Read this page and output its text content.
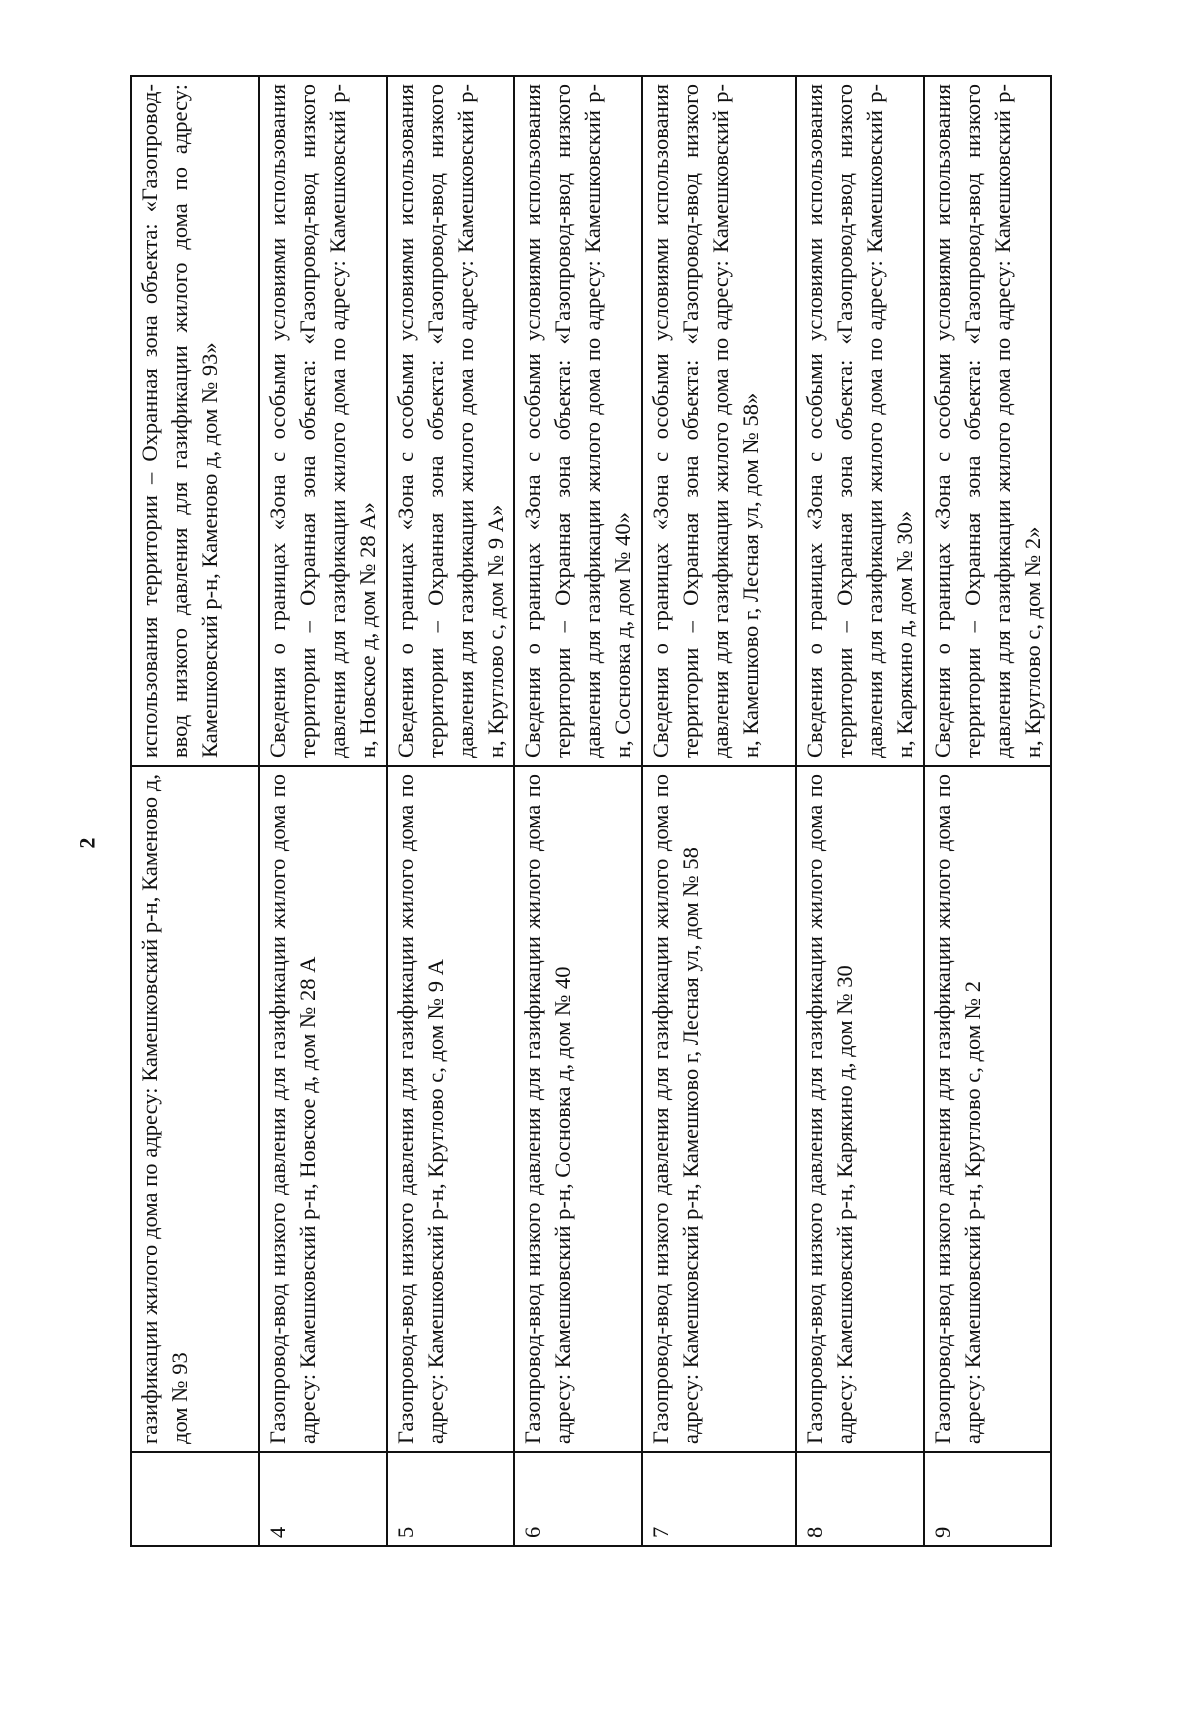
2
	газификации жилого дома по адресу: Камешковский р-н, Каменово д, дом № 93	использования территории – Охранная зона объекта: «Газопровод-ввод низкого давления для газификации жилого дома по адресу: Камешковский р-н, Каменово д, дом № 93»
4	Газопровод-ввод низкого давления для газификации жилого дома по адресу: Камешковский р-н, Новское д, дом № 28 А	Сведения о границах «Зона с особыми условиями использования территории – Охранная зона объекта: «Газопровод-ввод низкого давления для газификации жилого дома по адресу: Камешковский р-н, Новское д, дом № 28 А»
5	Газопровод-ввод низкого давления для газификации жилого дома по адресу: Камешковский р-н, Круглово с, дом № 9 А	Сведения о границах «Зона с особыми условиями использования территории – Охранная зона объекта: «Газопровод-ввод низкого давления для газификации жилого дома по адресу: Камешковский р-н, Круглово с, дом № 9 А»
6	Газопровод-ввод низкого давления для газификации жилого дома по адресу: Камешковский р-н, Сосновка д, дом № 40	Сведения о границах «Зона с особыми условиями использования территории – Охранная зона объекта: «Газопровод-ввод низкого давления для газификации жилого дома по адресу: Камешковский р-н, Сосновка д, дом № 40»
7	Газопровод-ввод низкого давления для газификации жилого дома по адресу: Камешковский р-н, Камешково г, Лесная ул, дом № 58	Сведения о границах «Зона с особыми условиями использования территории – Охранная зона объекта: «Газопровод-ввод низкого давления для газификации жилого дома по адресу: Камешковский р-н, Камешково г, Лесная ул, дом № 58»
8	Газопровод-ввод низкого давления для газификации жилого дома по адресу: Камешковский р-н, Карякино д, дом № 30	Сведения о границах «Зона с особыми условиями использования территории – Охранная зона объекта: «Газопровод-ввод низкого давления для газификации жилого дома по адресу: Камешковский р-н, Карякино д, дом № 30»
9	Газопровод-ввод низкого давления для газификации жилого дома по адресу: Камешковский р-н, Круглово с, дом № 2	Сведения о границах «Зона с особыми условиями использования территории – Охранная зона объекта: «Газопровод-ввод низкого давления для газификации жилого дома по адресу: Камешковский р-н, Круглово с, дом № 2»
